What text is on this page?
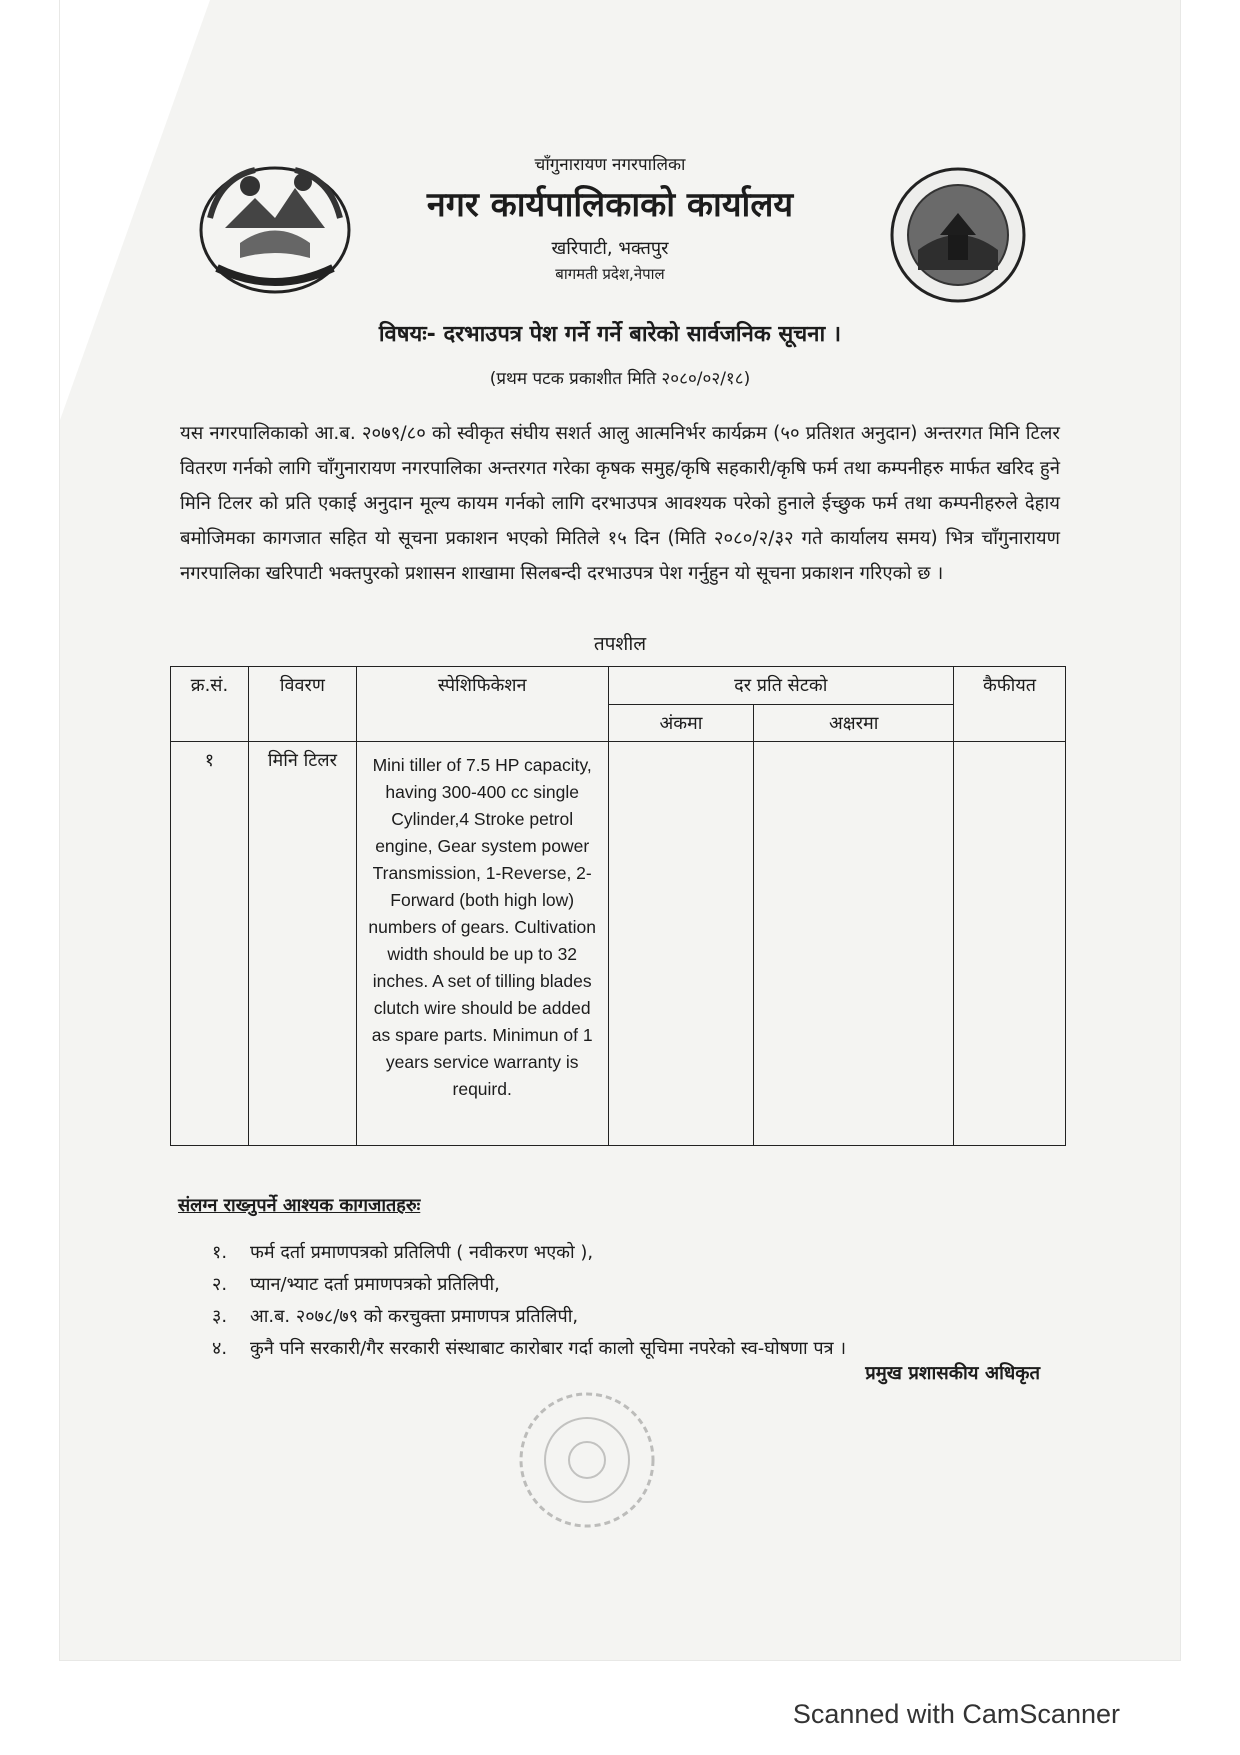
चाँगुनारायण नगरपालिका
नगर कार्यपालिकाको कार्यालय
खरिपाटी, भक्तपुर
बागमती प्रदेश,नेपाल
विषयः- दरभाउपत्र पेश गर्ने गर्ने बारेको सार्वजनिक सूचना ।
(प्रथम पटक प्रकाशीत मिति २०८०/०२/१८)
यस नगरपालिकाको आ.ब. २०७९/८० को स्वीकृत संघीय सशर्त आलु आत्मनिर्भर कार्यक्रम (५० प्रतिशत अनुदान) अन्तरगत मिनि टिलर वितरण गर्नको लागि चाँगुनारायण नगरपालिका अन्तरगत गरेका कृषक समुह/कृषि सहकारी/कृषि फर्म तथा कम्पनीहरु मार्फत खरिद हुने मिनि टिलर को प्रति एकाई अनुदान मूल्य कायम गर्नको लागि दरभाउपत्र आवश्यक परेको हुनाले ईच्छुक फर्म तथा कम्पनीहरुले देहाय बमोजिमका कागजात सहित यो सूचना प्रकाशन भएको मितिले १५ दिन (मिति २०८०/२/३२ गते कार्यालय समय) भित्र चाँगुनारायण नगरपालिका खरिपाटी भक्तपुरको प्रशासन शाखामा सिलबन्दी दरभाउपत्र पेश गर्नुहुन यो सूचना प्रकाशन गरिएको छ ।
तपशील
क्र.सं.	विवरण	स्पेशिफिकेशन	दर प्रति सेटको		कैफीयत
			अंकमा	अक्षरमा	
१	मिनि टिलर	Mini tiller of 7.5 HP capacity, having 300-400 cc single Cylinder,4 Stroke petrol engine, Gear system power Transmission, 1-Reverse, 2- Forward (both high low) numbers of gears. Cultivation width should be up to 32 inches. A set of tilling blades clutch wire should be added as spare parts. Minimun of 1 years service warranty is requird.			
संलग्न राख्नुपर्ने आश्यक कागजातहरुः
१.	फर्म दर्ता प्रमाणपत्रको प्रतिलिपी ( नवीकरण भएको ),
२.	प्यान/भ्याट दर्ता प्रमाणपत्रको प्रतिलिपी,
३.	आ.ब. २०७८/७९ को करचुक्ता प्रमाणपत्र प्रतिलिपी,
४.	कुनै पनि सरकारी/गैर सरकारी संस्थाबाट कारोबार गर्दा कालो सूचिमा नपरेको स्व-घोषणा पत्र ।
प्रमुख प्रशासकीय अधिकृत
Scanned with CamScanner
